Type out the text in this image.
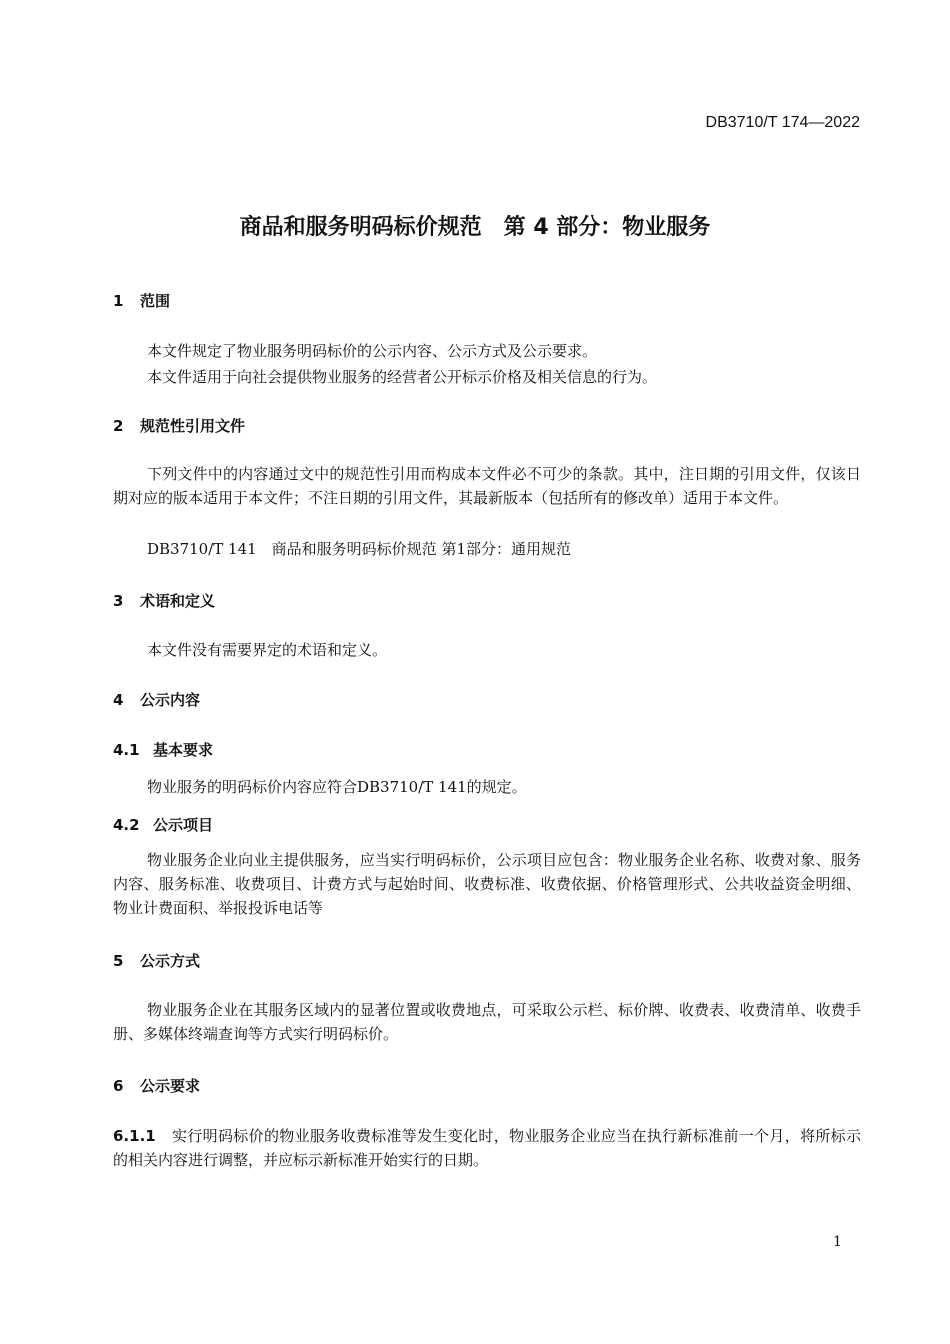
DB3710/T 174—2022
商品和服务明码标价规范　第 4 部分：物业服务
1 范围
本文件规定了物业服务明码标价的公示内容、公示方式及公示要求。
本文件适用于向社会提供物业服务的经营者公开标示价格及相关信息的行为。
2 规范性引用文件
下列文件中的内容通过文中的规范性引用而构成本文件必不可少的条款。其中，注日期的引用文件，仅该日期对应的版本适用于本文件；不注日期的引用文件，其最新版本（包括所有的修改单）适用于本文件。
DB3710/T 141　商品和服务明码标价规范 第1部分：通用规范
3 术语和定义
本文件没有需要界定的术语和定义。
4 公示内容
4.1 基本要求
物业服务的明码标价内容应符合DB3710/T 141的规定。
4.2 公示项目
物业服务企业向业主提供服务，应当实行明码标价，公示项目应包含：物业服务企业名称、收费对象、服务内容、服务标准、收费项目、计费方式与起始时间、收费标准、收费依据、价格管理形式、公共收益资金明细、物业计费面积、举报投诉电话等
5 公示方式
物业服务企业在其服务区域内的显著位置或收费地点，可采取公示栏、标价牌、收费表、收费清单、收费手册、多媒体终端查询等方式实行明码标价。
6 公示要求
6.1.1 实行明码标价的物业服务收费标准等发生变化时，物业服务企业应当在执行新标准前一个月，将所标示的相关内容进行调整，并应标示新标准开始实行的日期。
1
